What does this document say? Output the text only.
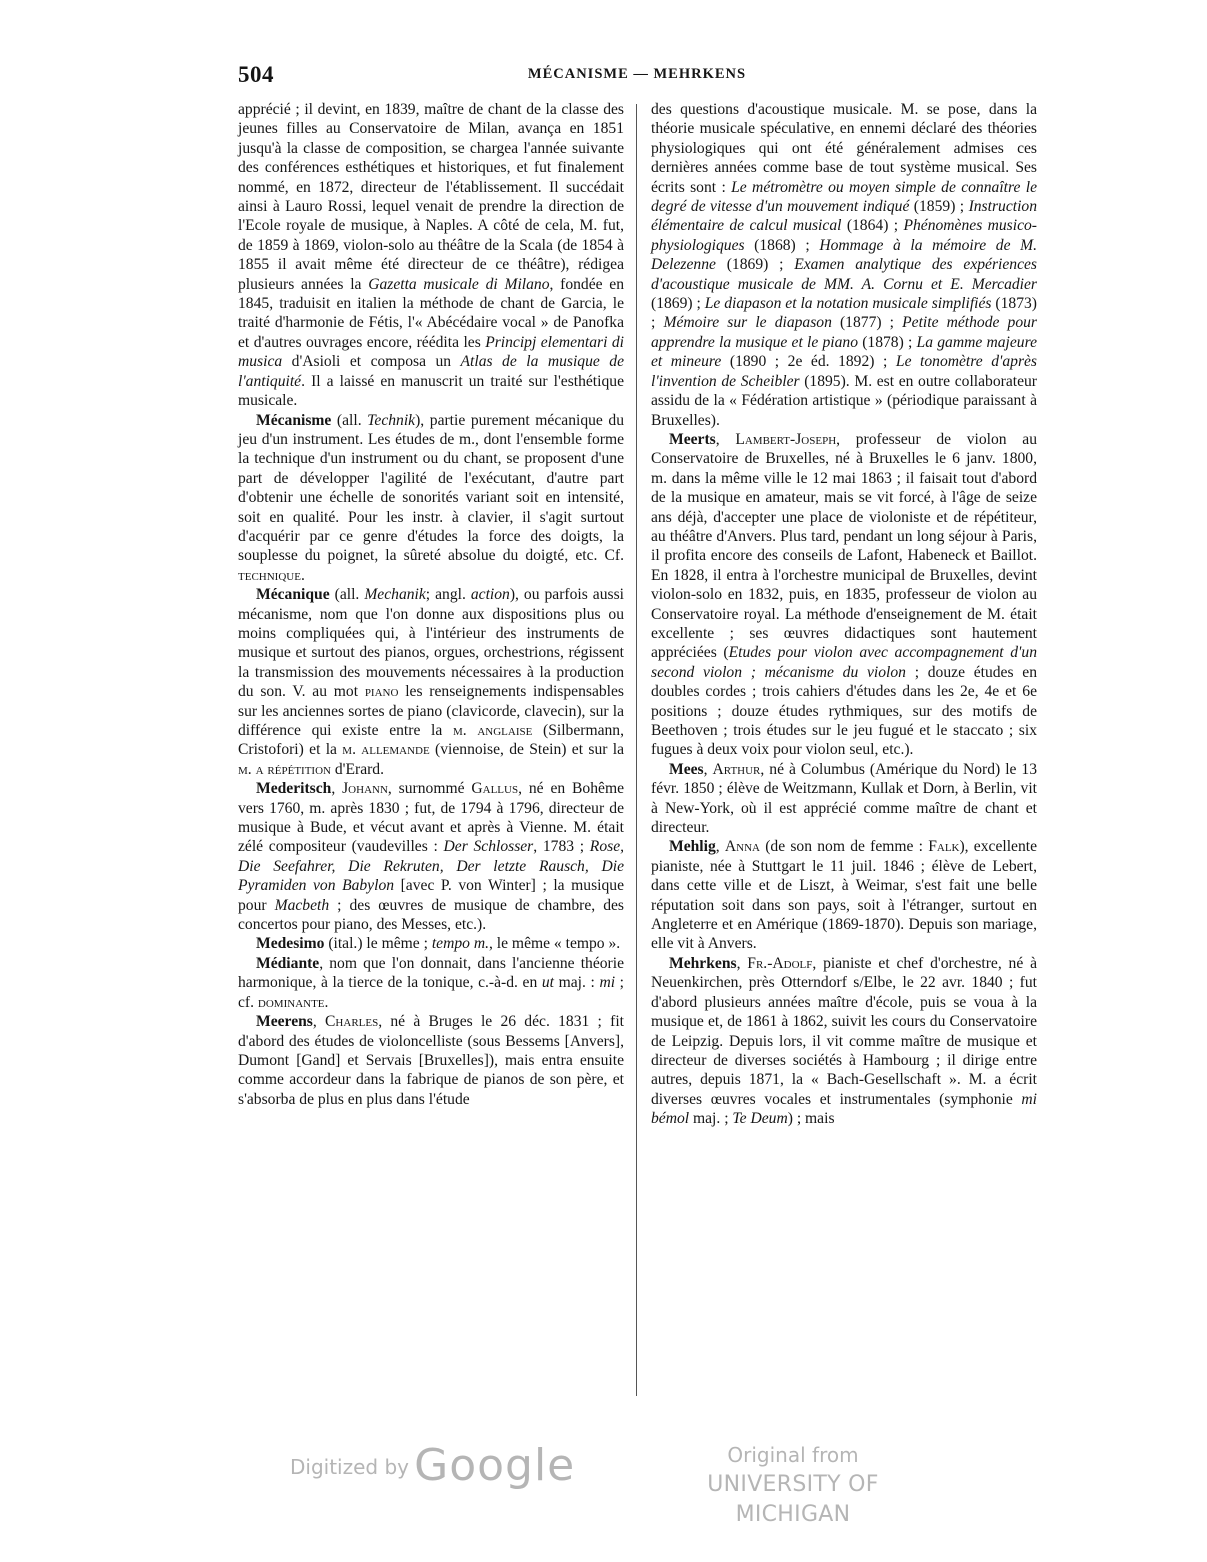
504	MÉCANISME — MEHRKENS

apprécié ; il devint, en 1839, maître de chant de la classe des jeunes filles au Conservatoire de Milan, avança en 1851 jusqu'à la classe de composition, se chargea l'année suivante des conférences esthétiques et historiques, et fut finalement nommé, en 1872, directeur de l'établissement. Il succédait ainsi à Lauro Rossi, lequel venait de prendre la direction de l'Ecole royale de musique, à Naples. A côté de cela, M. fut, de 1859 à 1869, violon-solo au théâtre de la Scala (de 1854 à 1855 il avait même été directeur de ce théâtre), rédigea plusieurs années la Gazetta musicale di Milano, fondée en 1845, traduisit en italien la méthode de chant de Garcia, le traité d'harmonie de Fétis, l'« Abécédaire vocal » de Panofka et d'autres ouvrages encore, réédita les Principj elementari di musica d'Asioli et composa un Atlas de la musique de l'antiquité. Il a laissé en manuscrit un traité sur l'esthétique musicale.

Mécanisme (all. Technik), partie purement mécanique du jeu d'un instrument. Les études de m., dont l'ensemble forme la technique d'un instrument ou du chant, se proposent d'une part de développer l'agilité de l'exécutant, d'autre part d'obtenir une échelle de sonorités variant soit en intensité, soit en qualité. Pour les instr. à clavier, il s'agit surtout d'acquérir par ce genre d'études la force des doigts, la souplesse du poignet, la sûreté absolue du doigté, etc. Cf. technique.

Mécanique (all. Mechanik; angl. action), ou parfois aussi mécanisme, nom que l'on donne aux dispositions plus ou moins compliquées qui, à l'intérieur des instruments de musique et surtout des pianos, orgues, orchestrions, régissent la transmission des mouvements nécessaires à la production du son. V. au mot piano les renseignements indispensables sur les anciennes sortes de piano (clavicorde, clavecin), sur la différence qui existe entre la m. anglaise (Silbermann, Cristofori) et la m. allemande (viennoise, de Stein) et sur la m. a répétition d'Erard.

Mederitsch, Johann, surnommé Gallus, né en Bohême vers 1760, m. après 1830 ; fut, de 1794 à 1796, directeur de musique à Bude, et vécut avant et après à Vienne. M. était zélé compositeur (vaudevilles : Der Schlosser, 1783 ; Rose, Die Seefahrer, Die Rekruten, Der letzte Rausch, Die Pyramiden von Babylon [avec P. von Winter] ; la musique pour Macbeth ; des œuvres de musique de chambre, des concertos pour piano, des Messes, etc.).

Medesimo (ital.) le même ; tempo m., le même « tempo ».

Médiante, nom que l'on donnait, dans l'ancienne théorie harmonique, à la tierce de la tonique, c.-à-d. en ut maj. : mi ; cf. dominante.

Meerens, Charles, né à Bruges le 26 déc. 1831 ; fit d'abord des études de violoncelliste (sous Bessems [Anvers], Dumont [Gand] et Servais [Bruxelles]), mais entra ensuite comme accordeur dans la fabrique de pianos de son père, et s'absorba de plus en plus dans l'étude

des questions d'acoustique musicale. M. se pose, dans la théorie musicale spéculative, en ennemi déclaré des théories physiologiques qui ont été généralement admises ces dernières années comme base de tout système musical. Ses écrits sont : Le métromètre ou moyen simple de connaître le degré de vitesse d'un mouvement indiqué (1859) ; Instruction élémentaire de calcul musical (1864) ; Phénomènes musico-physiologiques (1868) ; Hommage à la mémoire de M. Delezenne (1869) ; Examen analytique des expériences d'acoustique musicale de MM. A. Cornu et E. Mercadier (1869) ; Le diapason et la notation musicale simplifiés (1873) ; Mémoire sur le diapason (1877) ; Petite méthode pour apprendre la musique et le piano (1878) ; La gamme majeure et mineure (1890 ; 2e éd. 1892) ; Le tonomètre d'après l'invention de Scheibler (1895). M. est en outre collaborateur assidu de la « Fédération artistique » (périodique paraissant à Bruxelles).

Meerts, Lambert-Joseph, professeur de violon au Conservatoire de Bruxelles, né à Bruxelles le 6 janv. 1800, m. dans la même ville le 12 mai 1863 ; il faisait tout d'abord de la musique en amateur, mais se vit forcé, à l'âge de seize ans déjà, d'accepter une place de violoniste et de répétiteur, au théâtre d'Anvers. Plus tard, pendant un long séjour à Paris, il profita encore des conseils de Lafont, Habeneck et Baillot. En 1828, il entra à l'orchestre municipal de Bruxelles, devint violon-solo en 1832, puis, en 1835, professeur de violon au Conservatoire royal. La méthode d'enseignement de M. était excellente ; ses œuvres didactiques sont hautement appréciées (Etudes pour violon avec accompagnement d'un second violon ; mécanisme du violon ; douze études en doubles cordes ; trois cahiers d'études dans les 2e, 4e et 6e positions ; douze études rythmiques, sur des motifs de Beethoven ; trois études sur le jeu fugué et le staccato ; six fugues à deux voix pour violon seul, etc.).

Mees, Arthur, né à Columbus (Amérique du Nord) le 13 févr. 1850 ; élève de Weitzmann, Kullak et Dorn, à Berlin, vit à New-York, où il est apprécié comme maître de chant et directeur.

Mehlig, Anna (de son nom de femme : Falk), excellente pianiste, née à Stuttgart le 11 juil. 1846 ; élève de Lebert, dans cette ville et de Liszt, à Weimar, s'est fait une belle réputation soit dans son pays, soit à l'étranger, surtout en Angleterre et en Amérique (1869-1870). Depuis son mariage, elle vit à Anvers.

Mehrkens, Fr.-Adolf, pianiste et chef d'orchestre, né à Neuenkirchen, près Otterndorf s/Elbe, le 22 avr. 1840 ; fut d'abord plusieurs années maître d'école, puis se voua à la musique et, de 1861 à 1862, suivit les cours du Conservatoire de Leipzig. Depuis lors, il vit comme maître de musique et directeur de diverses sociétés à Hambourg ; il dirige entre autres, depuis 1871, la « Bach-Gesellschaft ». M. a écrit diverses œuvres vocales et instrumentales (symphonie mi bémol maj. ; Te Deum) ; mais

Digitized by Google	Original from
UNIVERSITY OF MICHIGAN
